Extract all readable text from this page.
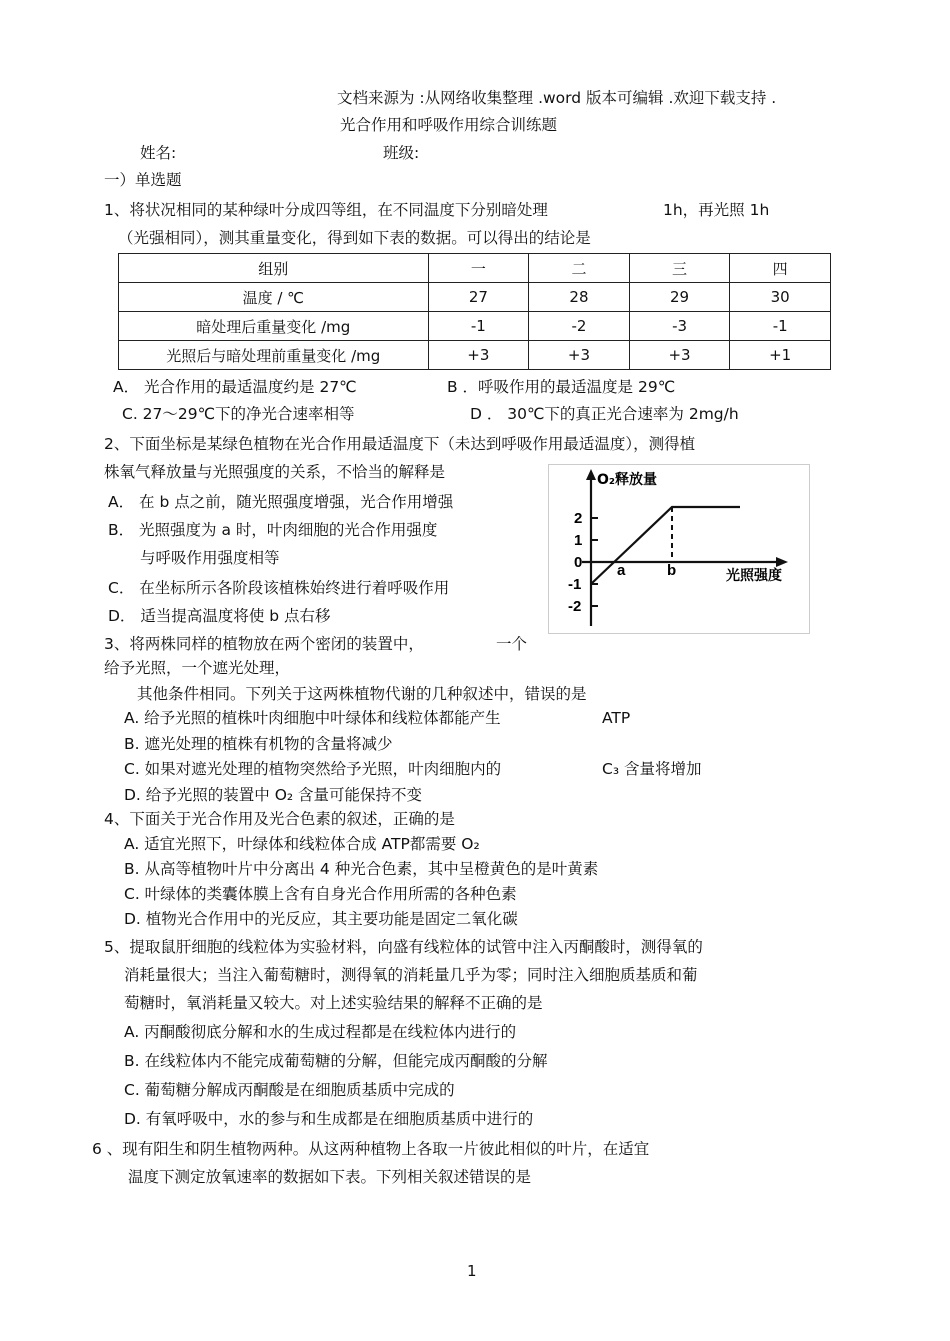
文档来源为 :从网络收集整理 .word 版本可编辑 .欢迎下载支持 .
光合作用和呼吸作用综合训练题
姓名:	班级:
一）单选题
1、将状况相同的某种绿叶分成四等组，在不同温度下分别暗处理	1h，再光照 1h
（光强相同），测其重量变化，得到如下表的数据。可以得出的结论是
组别	一	二	三	四
温度 / ℃	27	28	29	30
暗处理后重量变化 /mg	-1	-2	-3	-1
光照后与暗处理前重量变化 /mg	+3	+3	+3	+1
A． 光合作用的最适温度约是 27℃	B ．呼吸作用的最适温度是 29℃
C. 27～29℃下的净光合速率相等	D ． 30℃下的真正光合速率为 2mg/h
2、下面坐标是某绿色植物在光合作用最适温度下（未达到呼吸作用最适温度），测得植
株氧气释放量与光照强度的关系，不恰当的解释是
A． 在 b 点之前，随光照强度增强，光合作用增强
B． 光照强度为 a 时，叶肉细胞的光合作用强度
与呼吸作用强度相等
C． 在坐标所示各阶段该植株始终进行着呼吸作用
D． 适当提高温度将使 b 点右移
2
1
0
-1
-2
a	b
O₂释放量
光照强度
3、将两株同样的植物放在两个密闭的装置中，	一个
给予光照，一个遮光处理，
其他条件相同。下列关于这两株植物代谢的几种叙述中，错误的是
A. 给予光照的植株叶肉细胞中叶绿体和线粒体都能产生	ATP
B. 遮光处理的植株有机物的含量将减少
C. 如果对遮光处理的植物突然给予光照，叶肉细胞内的	C₃ 含量将增加
D. 给予光照的装置中 O₂ 含量可能保持不变
4、下面关于光合作用及光合色素的叙述，正确的是
A. 适宜光照下，叶绿体和线粒体合成 ATP都需要 O₂
B. 从高等植物叶片中分离出 4 种光合色素，其中呈橙黄色的是叶黄素
C. 叶绿体的类囊体膜上含有自身光合作用所需的各种色素
D. 植物光合作用中的光反应，其主要功能是固定二氧化碳
5、提取鼠肝细胞的线粒体为实验材料，向盛有线粒体的试管中注入丙酮酸时，测得氧的
消耗量很大；当注入葡萄糖时，测得氧的消耗量几乎为零；同时注入细胞质基质和葡
萄糖时，氧消耗量又较大。对上述实验结果的解释不正确的是
A. 丙酮酸彻底分解和水的生成过程都是在线粒体内进行的
B. 在线粒体内不能完成葡萄糖的分解，但能完成丙酮酸的分解
C. 葡萄糖分解成丙酮酸是在细胞质基质中完成的
D. 有氧呼吸中，水的参与和生成都是在细胞质基质中进行的
6 、现有阳生和阴生植物两种。从这两种植物上各取一片彼此相似的叶片，在适宜
温度下测定放氧速率的数据如下表。下列相关叙述错误的是
1
